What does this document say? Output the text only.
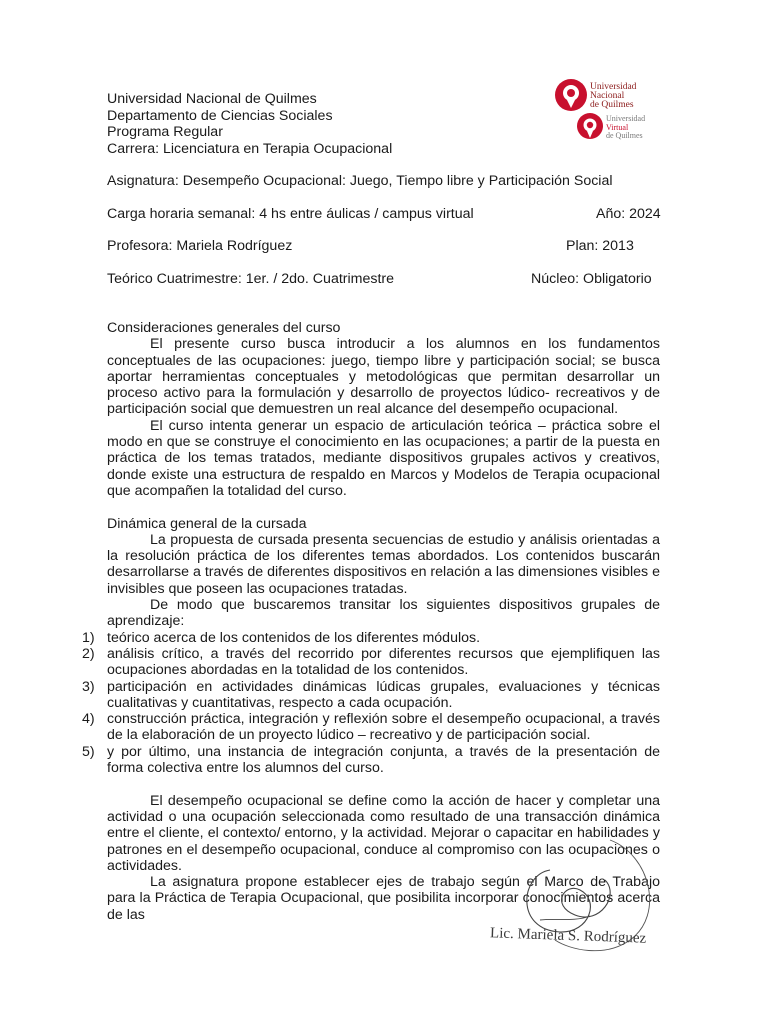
Universidad Nacional de Quilmes
Departamento de Ciencias Sociales
Programa Regular
Carrera: Licenciatura en Terapia Ocupacional
Universidad
Nacional
de Quilmes
Universidad
Virtual
de Quilmes
Asignatura: Desempeño Ocupacional: Juego, Tiempo libre y Participación Social
Carga horaria semanal: 4 hs entre áulicas / campus virtual	Año: 2024
Profesora: Mariela Rodríguez	Plan: 2013
Teórico Cuatrimestre: 1er. / 2do. Cuatrimestre	Núcleo: Obligatorio
Consideraciones generales del curso

El presente curso busca introducir a los alumnos en los fundamentos conceptuales de las ocupaciones: juego, tiempo libre y participación social; se busca aportar herramientas conceptuales y metodológicas que permitan desarrollar un proceso activo para la formulación y desarrollo de proyectos lúdico- recreativos y de participación social que demuestren un real alcance del desempeño ocupacional.

El curso intenta generar un espacio de articulación teórica – práctica sobre el modo en que se construye el conocimiento en las ocupaciones; a partir de la puesta en práctica de los temas tratados, mediante dispositivos grupales activos y creativos, donde existe una estructura de respaldo en Marcos y Modelos de Terapia ocupacional que acompañen la totalidad del curso.

Dinámica general de la cursada

La propuesta de cursada presenta secuencias de estudio y análisis orientadas a la resolución práctica de los diferentes temas abordados. Los contenidos buscarán desarrollarse a través de diferentes dispositivos en relación a las dimensiones visibles e invisibles que poseen las ocupaciones tratadas.

De modo que buscaremos transitar los siguientes dispositivos grupales de aprendizaje:

1) teórico acerca de los contenidos de los diferentes módulos.
2) análisis crítico, a través del recorrido por diferentes recursos que ejemplifiquen las ocupaciones abordadas en la totalidad de los contenidos.
3) participación en actividades dinámicas lúdicas grupales, evaluaciones y técnicas cualitativas y cuantitativas, respecto a cada ocupación.
4) construcción práctica, integración y reflexión sobre el desempeño ocupacional, a través de la elaboración de un proyecto lúdico – recreativo y de participación social.
5) y por último, una instancia de integración conjunta, a través de la presentación de forma colectiva entre los alumnos del curso.

El desempeño ocupacional se define como la acción de hacer y completar una actividad o una ocupación seleccionada como resultado de una transacción dinámica entre el cliente, el contexto/ entorno, y la actividad. Mejorar o capacitar en habilidades y patrones en el desempeño ocupacional, conduce al compromiso con las ocupaciones o actividades.

La asignatura propone establecer ejes de trabajo según el Marco de Trabajo para la Práctica de Terapia Ocupacional, que posibilita incorporar conocimientos acerca de las

Lic. Mariela S. Rodríguez
